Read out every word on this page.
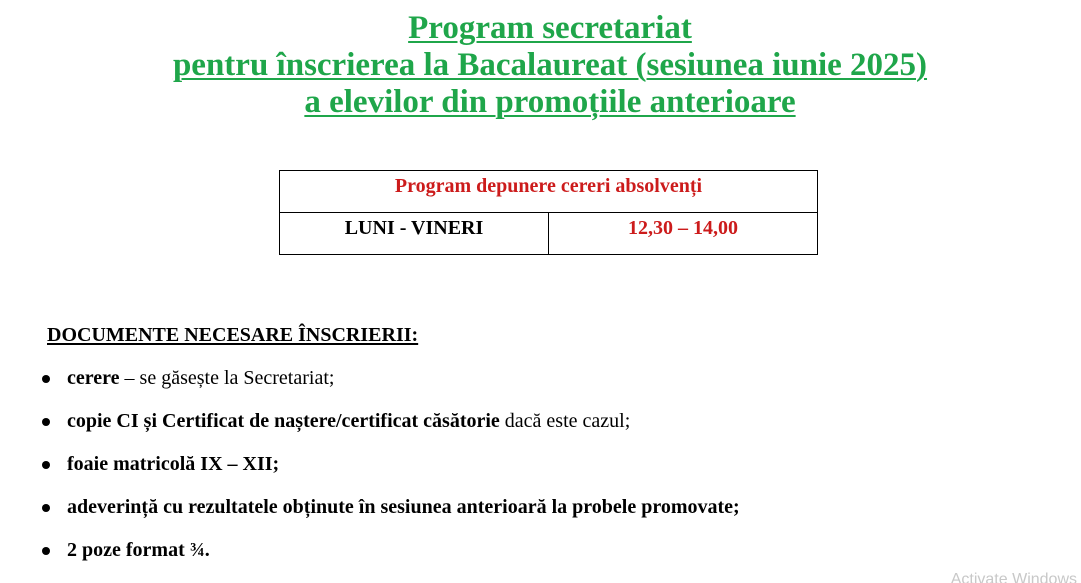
Program secretariat
pentru înscrierea la Bacalaureat (sesiunea iunie 2025)
a elevilor din promoțiile anterioare
Program depunere cereri absolvenți
LUNI - VINERI	12,30 – 14,00
DOCUMENTE NECESARE ÎNSCRIERII:
cerere – se găsește la Secretariat;
copie CI și Certificat de naștere/certificat căsătorie dacă este cazul;
foaie matricolă IX – XII;
adeverință cu rezultatele obținute în sesiunea anterioară la probele promovate;
2 poze format ¾.
Activate Windows
